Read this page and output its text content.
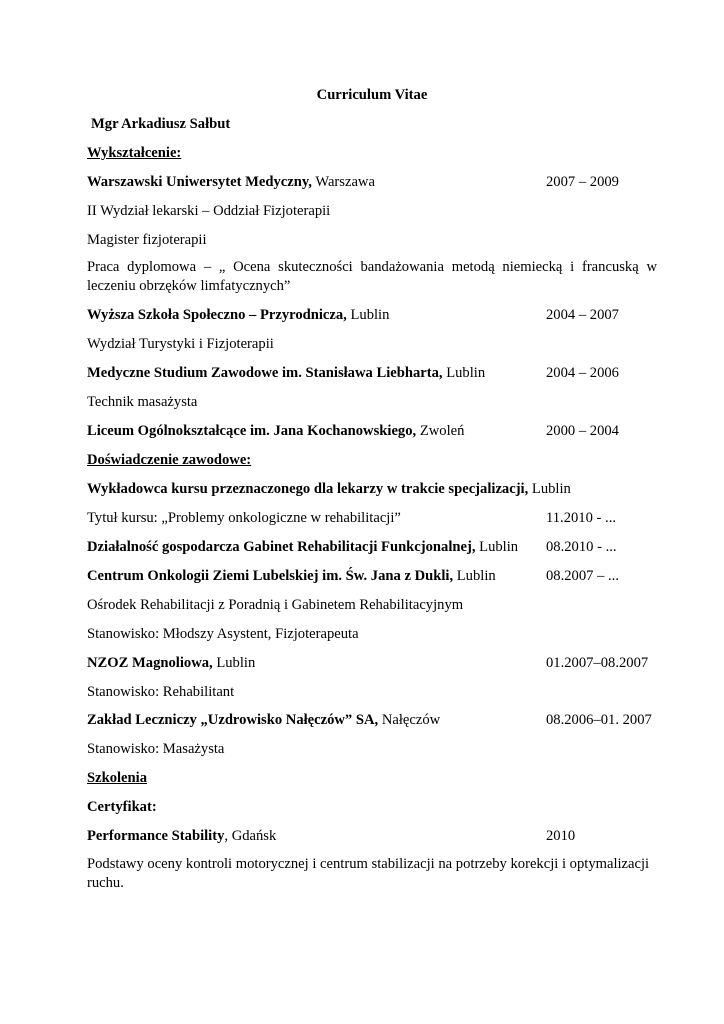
Curriculum Vitae
Mgr Arkadiusz Sałbut
Wykształcenie:
Warszawski Uniwersytet Medyczny, Warszawa	2007 – 2009
II Wydział lekarski – Oddział Fizjoterapii
Magister fizjoterapii
Praca dyplomowa – „ Ocena skuteczności bandażowania metodą niemiecką i francuską w leczeniu obrzęków limfatycznych”
Wyższa Szkoła Społeczno – Przyrodnicza, Lublin	2004 – 2007
Wydział Turystyki i Fizjoterapii
Medyczne Studium Zawodowe im. Stanisława Liebharta, Lublin	2004 – 2006
Technik masażysta
Liceum Ogólnokształcące im. Jana Kochanowskiego, Zwoleń	2000 – 2004
Doświadczenie zawodowe:
Wykładowca kursu przeznaczonego dla lekarzy w trakcie specjalizacji, Lublin
Tytuł kursu: „Problemy onkologiczne w rehabilitacji”	11.2010 - ...
Działalność gospodarcza Gabinet Rehabilitacji Funkcjonalnej, Lublin 08.2010 - ...
Centrum Onkologii Ziemi Lubelskiej im. Św. Jana z Dukli, Lublin	08.2007 – ...
Ośrodek Rehabilitacji z Poradnią i Gabinetem Rehabilitacyjnym
Stanowisko: Młodszy Asystent, Fizjoterapeuta
NZOZ Magnoliowa, Lublin	01.2007–08.2007
Stanowisko: Rehabilitant
Zakład Leczniczy „Uzdrowisko Nałęczów” SA, Nałęczów	08.2006–01. 2007
Stanowisko: Masażysta
Szkolenia
Certyfikat:
Performance Stability, Gdańsk	2010
Podstawy oceny kontroli motorycznej i centrum stabilizacji na potrzeby korekcji i optymalizacji ruchu.
